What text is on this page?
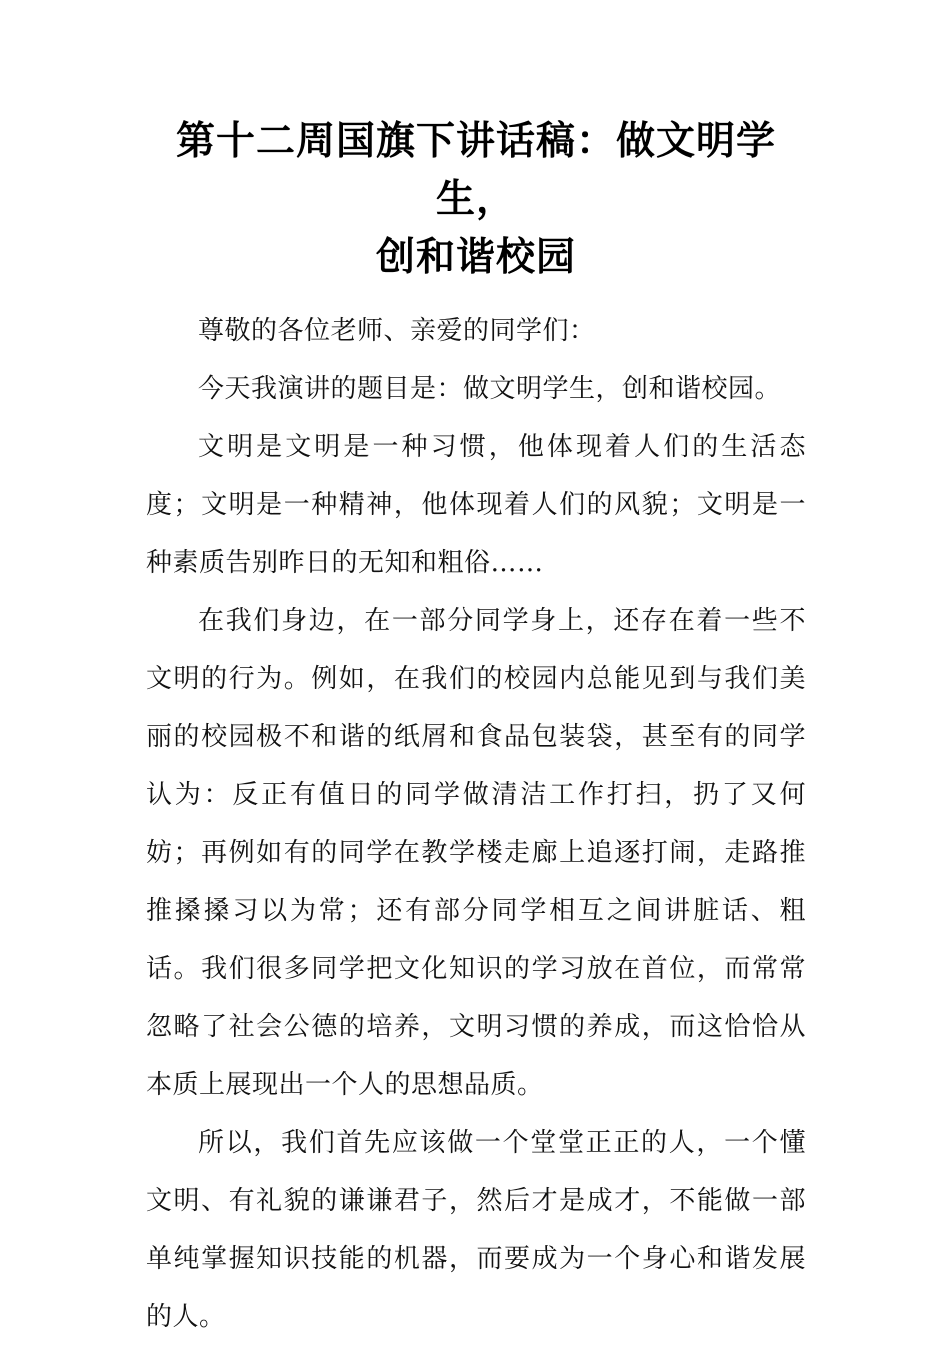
第十二周国旗下讲话稿：做文明学生，
创和谐校园

尊敬的各位老师、亲爱的同学们：

今天我演讲的题目是：做文明学生，创和谐校园。

文明是文明是一种习惯，他体现着人们的生活态度；文明是一种精神，他体现着人们的风貌；文明是一种素质告别昨日的无知和粗俗……

在我们身边，在一部分同学身上，还存在着一些不文明的行为。例如，在我们的校园内总能见到与我们美丽的校园极不和谐的纸屑和食品包装袋，甚至有的同学认为：反正有值日的同学做清洁工作打扫，扔了又何妨；再例如有的同学在教学楼走廊上追逐打闹，走路推推搡搡习以为常；还有部分同学相互之间讲脏话、粗话。我们很多同学把文化知识的学习放在首位，而常常忽略了社会公德的培养，文明习惯的养成，而这恰恰从本质上展现出一个人的思想品质。

所以，我们首先应该做一个堂堂正正的人，一个懂文明、有礼貌的谦谦君子，然后才是成才，不能做一部单纯掌握知识技能的机器，而要成为一个身心和谐发展的人。
